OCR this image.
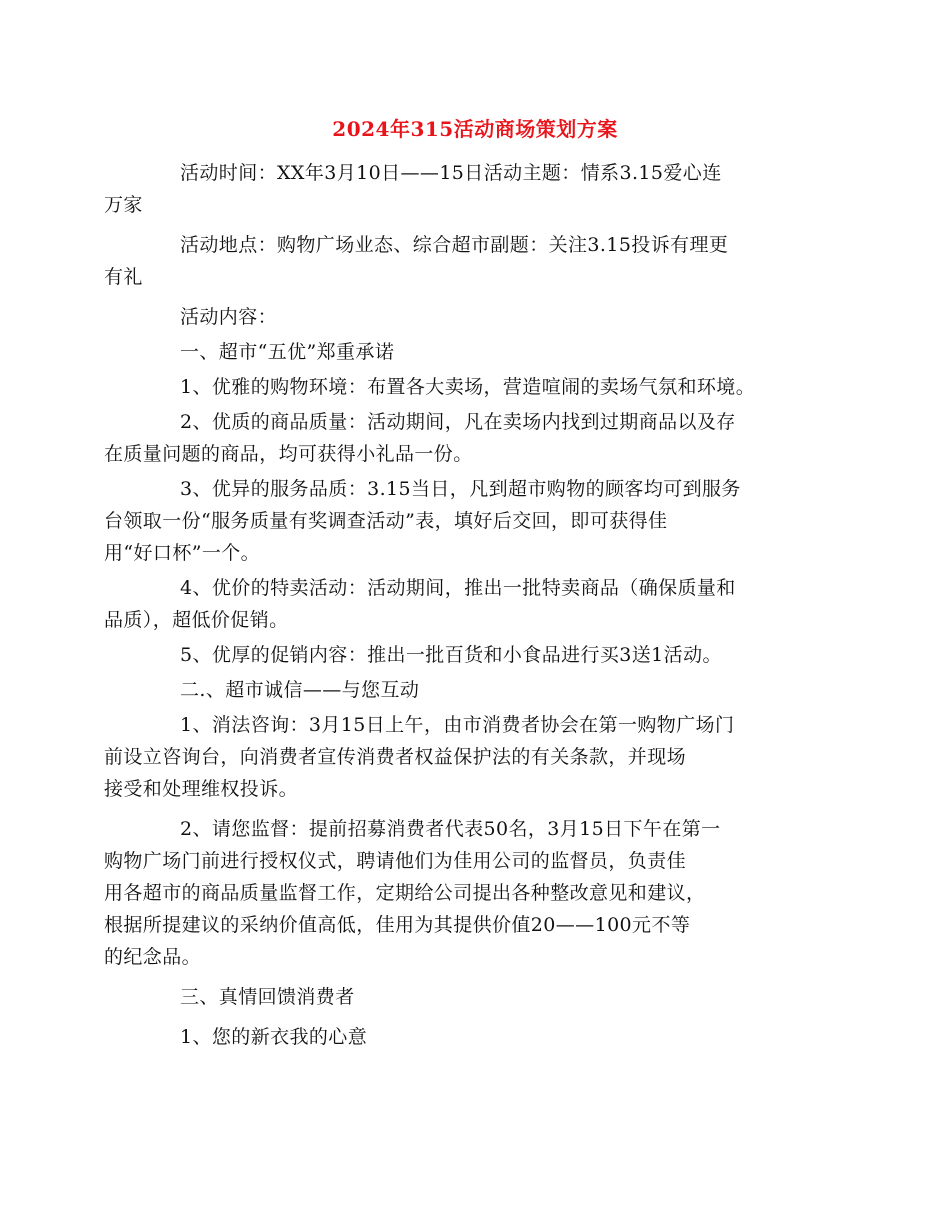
2024年315活动商场策划方案

活动时间：XX年3月10日——15日活动主题：情系3.15爱心连
万家

活动地点：购物广场业态、综合超市副题：关注3.15投诉有理更
有礼

活动内容：

一、超市“五优”郑重承诺

1、优雅的购物环境：布置各大卖场，营造喧闹的卖场气氛和环境。

2、优质的商品质量：活动期间，凡在卖场内找到过期商品以及存
在质量问题的商品，均可获得小礼品一份。

3、优异的服务品质：3.15当日，凡到超市购物的顾客均可到服务
台领取一份“服务质量有奖调查活动”表，填好后交回，即可获得佳
用“好口杯”一个。

4、优价的特卖活动：活动期间，推出一批特卖商品（确保质量和
品质），超低价促销。

5、优厚的促销内容：推出一批百货和小食品进行买3送1活动。

二.、超市诚信——与您互动

1、消法咨询：3月15日上午，由市消费者协会在第一购物广场门
前设立咨询台，向消费者宣传消费者权益保护法的有关条款，并现场
接受和处理维权投诉。

2、请您监督：提前招募消费者代表50名，3月15日下午在第一
购物广场门前进行授权仪式，聘请他们为佳用公司的监督员，负责佳
用各超市的商品质量监督工作，定期给公司提出各种整改意见和建议，
根据所提建议的采纳价值高低，佳用为其提供价值20——100元不等
的纪念品。

三、真情回馈消费者

1、您的新衣我的心意
